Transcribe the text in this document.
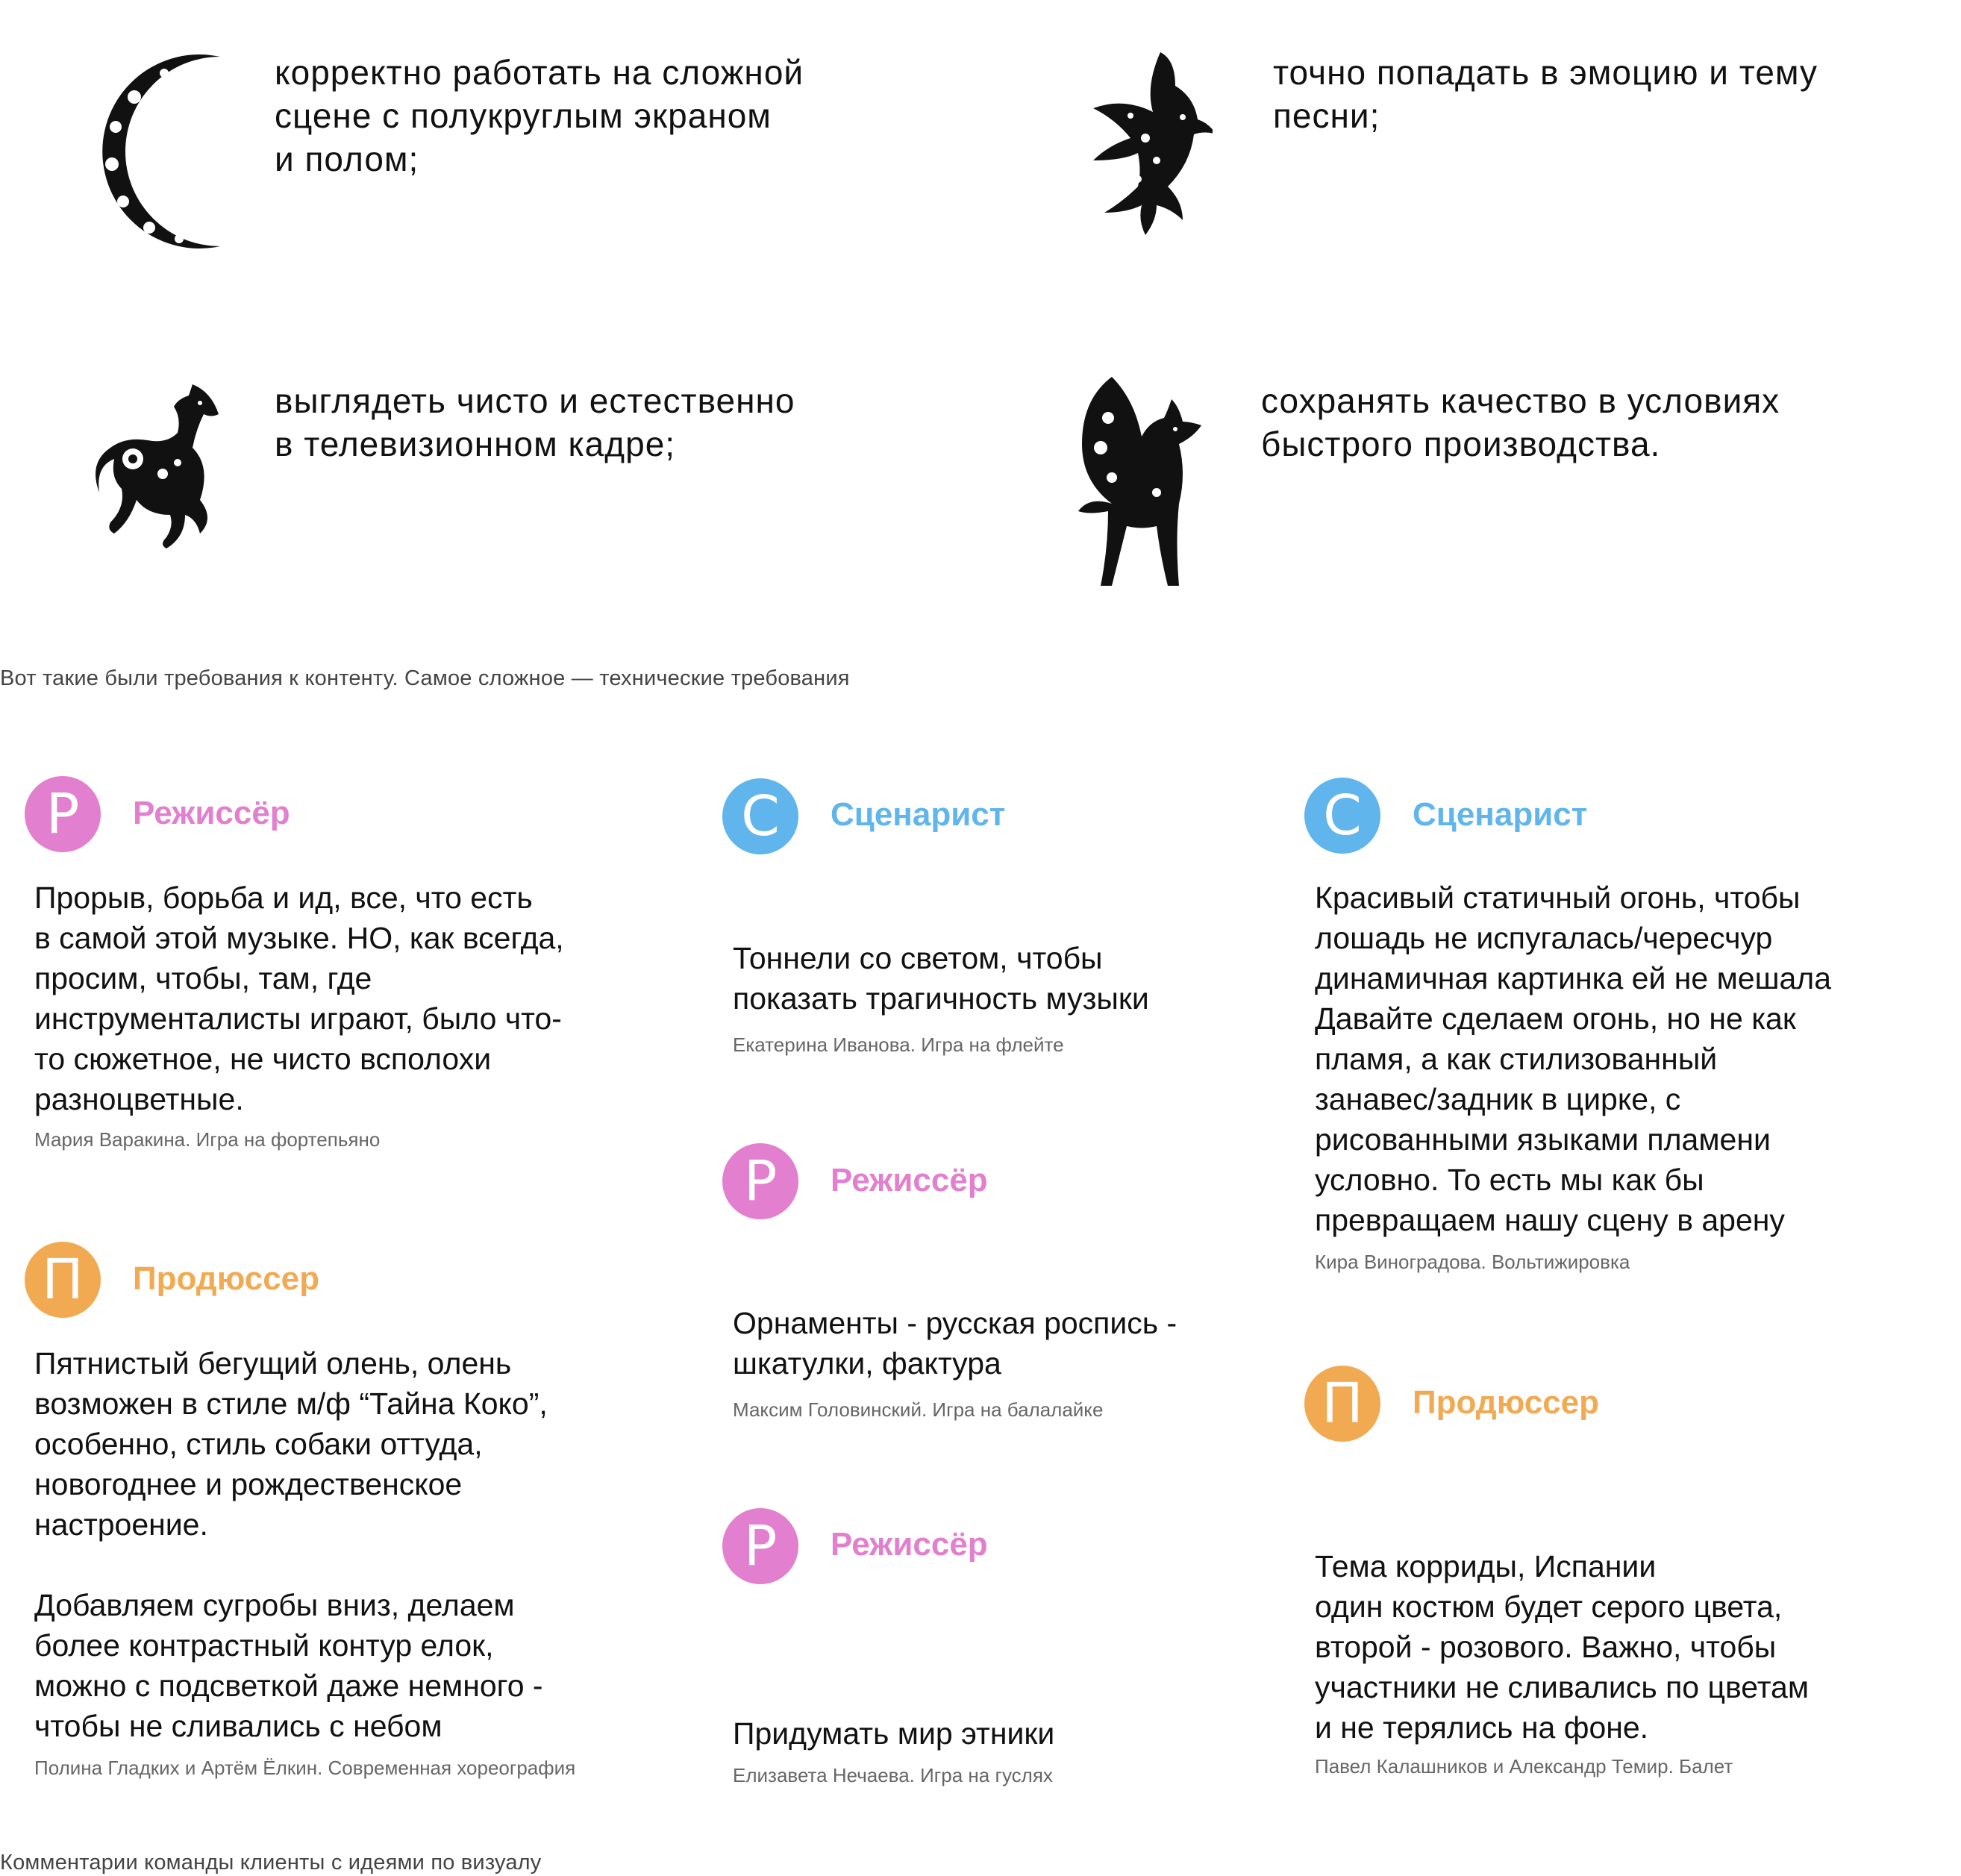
корректно работать на сложной
сцене с полукруглым экраном
и полом;
точно попадать в эмоцию и тему
песни;
выглядеть чисто и естественно
в телевизионном кадре;
сохранять качество в условиях
быстрого производства.
Вот такие были требования к контенту. Самое сложное — технические требования
Р	Режиссёр
Прорыв, борьба и ид, все, что есть
в самой этой музыке. НО, как всегда,
просим, чтобы, там, где
инструменталисты играют, было что-
то сюжетное, не чисто всполохи
разноцветные.
Мария Варакина. Игра на фортепьяно
П	Продюссер
Пятнистый бегущий олень, олень
возможен в стиле м/ф “Тайна Коко”,
особенно, стиль собаки оттуда,
новогоднее и рождественское
настроение.

Добавляем сугробы вниз, делаем
более контрастный контур елок,
можно с подсветкой даже немного -
чтобы не сливались с небом
Полина Гладких и Артём Ёлкин. Современная хореография
С	Сценарист
Тоннели со светом, чтобы
показать трагичность музыки
Екатерина Иванова. Игра на флейте
Р	Режиссёр
Орнаменты - русская роспись -
шкатулки, фактура
Максим Головинский. Игра на балалайке
Р	Режиссёр
Придумать мир этники
Елизавета Нечаева. Игра на гуслях
С	Сценарист
Красивый статичный огонь, чтобы
лошадь не испугалась/чересчур
динамичная картинка ей не мешала
Давайте сделаем огонь, но не как
пламя, а как стилизованный
занавес/задник в цирке, с
рисованными языками пламени
условно. То есть мы как бы
превращаем нашу сцену в арену
Кира Виноградова. Вольтижировка
П	Продюссер
Тема корриды, Испании
один костюм будет серого цвета,
второй - розового. Важно, чтобы
участники не сливались по цветам
и не терялись на фоне.
Павел Калашников и Александр Темир. Балет
Комментарии команды клиенты с идеями по визуалу
